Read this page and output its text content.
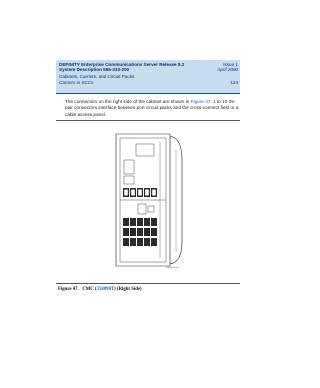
DEFINITY Enterprise Communications Server Release 8.2
System Description 555-233-200
Cabinets, Carriers, and Circuit Packs
Carriers in SCCs
Issue 1
April 2000
124
The connectors on the right side of the cabinet are shown in Figure 47. 1 to 10 25-pair connectors interface between port circuit packs and the cross-connect field or a cable access panel.
r0ds001b.cdr
Figure 47. CMC (J58890T) (Right Side)
